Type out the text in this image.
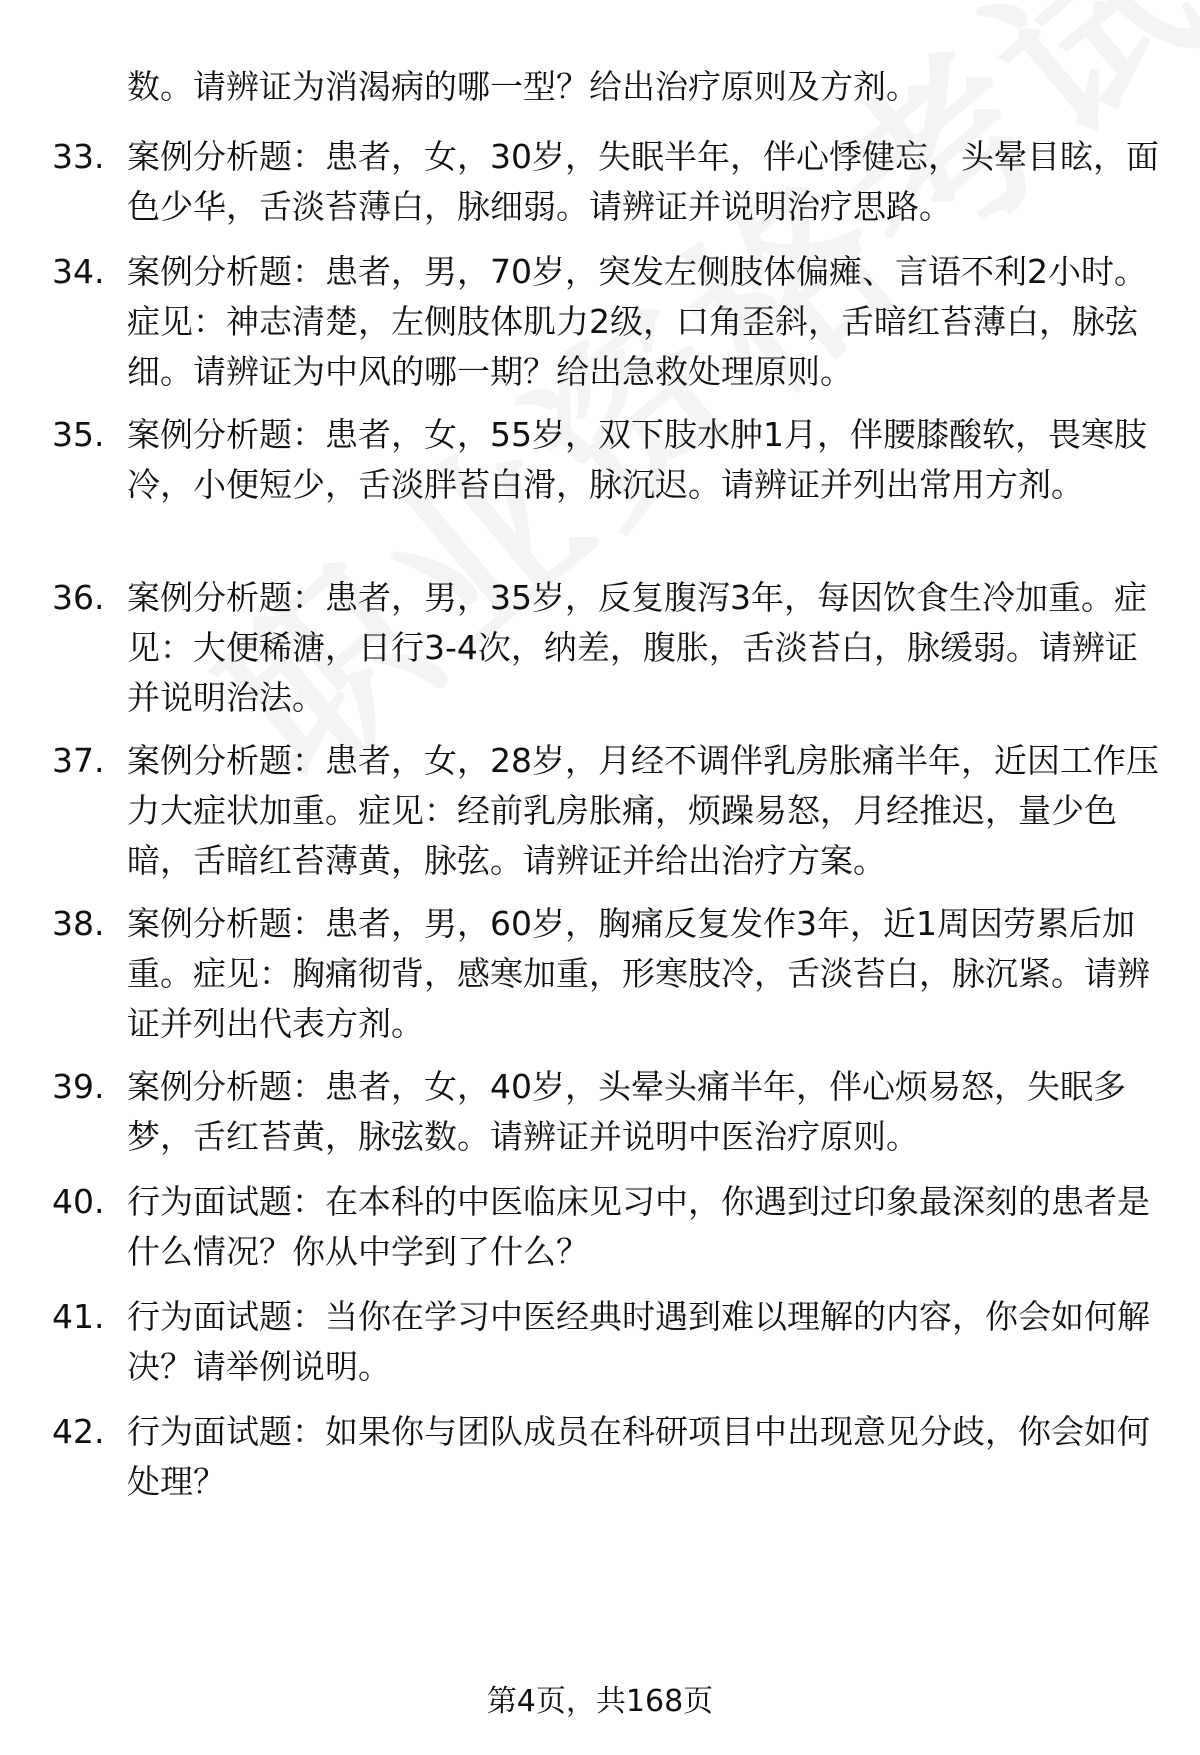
数。请辨证为消渴病的哪一型？给出治疗原则及方剂。

33. 案例分析题：患者，女，30岁，失眠半年，伴心悸健忘，头晕目眩，面色少华，舌淡苔薄白，脉细弱。请辨证并说明治疗思路。
34. 案例分析题：患者，男，70岁，突发左侧肢体偏瘫、言语不利2小时。症见：神志清楚，左侧肢体肌力2级，口角歪斜，舌暗红苔薄白，脉弦细。请辨证为中风的哪一期？给出急救处理原则。
35. 案例分析题：患者，女，55岁，双下肢水肿1月，伴腰膝酸软，畏寒肢冷，小便短少，舌淡胖苔白滑，脉沉迟。请辨证并列出常用方剂。
36. 案例分析题：患者，男，35岁，反复腹泻3年，每因饮食生冷加重。症见：大便稀溏，日行3-4次，纳差，腹胀，舌淡苔白，脉缓弱。请辨证并说明治法。
37. 案例分析题：患者，女，28岁，月经不调伴乳房胀痛半年，近因工作压力大症状加重。症见：经前乳房胀痛，烦躁易怒，月经推迟，量少色暗，舌暗红苔薄黄，脉弦。请辨证并给出治疗方案。
38. 案例分析题：患者，男，60岁，胸痛反复发作3年，近1周因劳累后加重。症见：胸痛彻背，感寒加重，形寒肢冷，舌淡苔白，脉沉紧。请辨证并列出代表方剂。
39. 案例分析题：患者，女，40岁，头晕头痛半年，伴心烦易怒，失眠多梦，舌红苔黄，脉弦数。请辨证并说明中医治疗原则。
40. 行为面试题：在本科的中医临床见习中，你遇到过印象最深刻的患者是什么情况？你从中学到了什么？
41. 行为面试题：当你在学习中医经典时遇到难以理解的内容，你会如何解决？请举例说明。
42. 行为面试题：如果你与团队成员在科研项目中出现意见分歧，你会如何处理？
第4页，共168页
